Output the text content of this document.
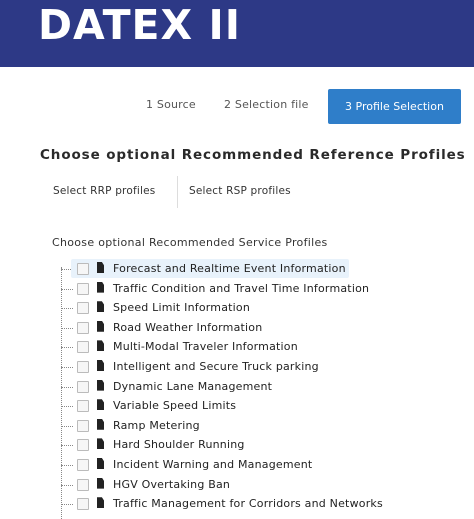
DATEX II
1 Source	2 Selection file	3 Profile Selection
Choose optional Recommended Reference Profiles
Select RRP profiles	Select RSP profiles
Choose optional Recommended Service Profiles
Forecast and Realtime Event Information
Traffic Condition and Travel Time Information
Speed Limit Information
Road Weather Information
Multi-Modal Traveler Information
Intelligent and Secure Truck parking
Dynamic Lane Management
Variable Speed Limits
Ramp Metering
Hard Shoulder Running
Incident Warning and Management
HGV Overtaking Ban
Traffic Management for Corridors and Networks
